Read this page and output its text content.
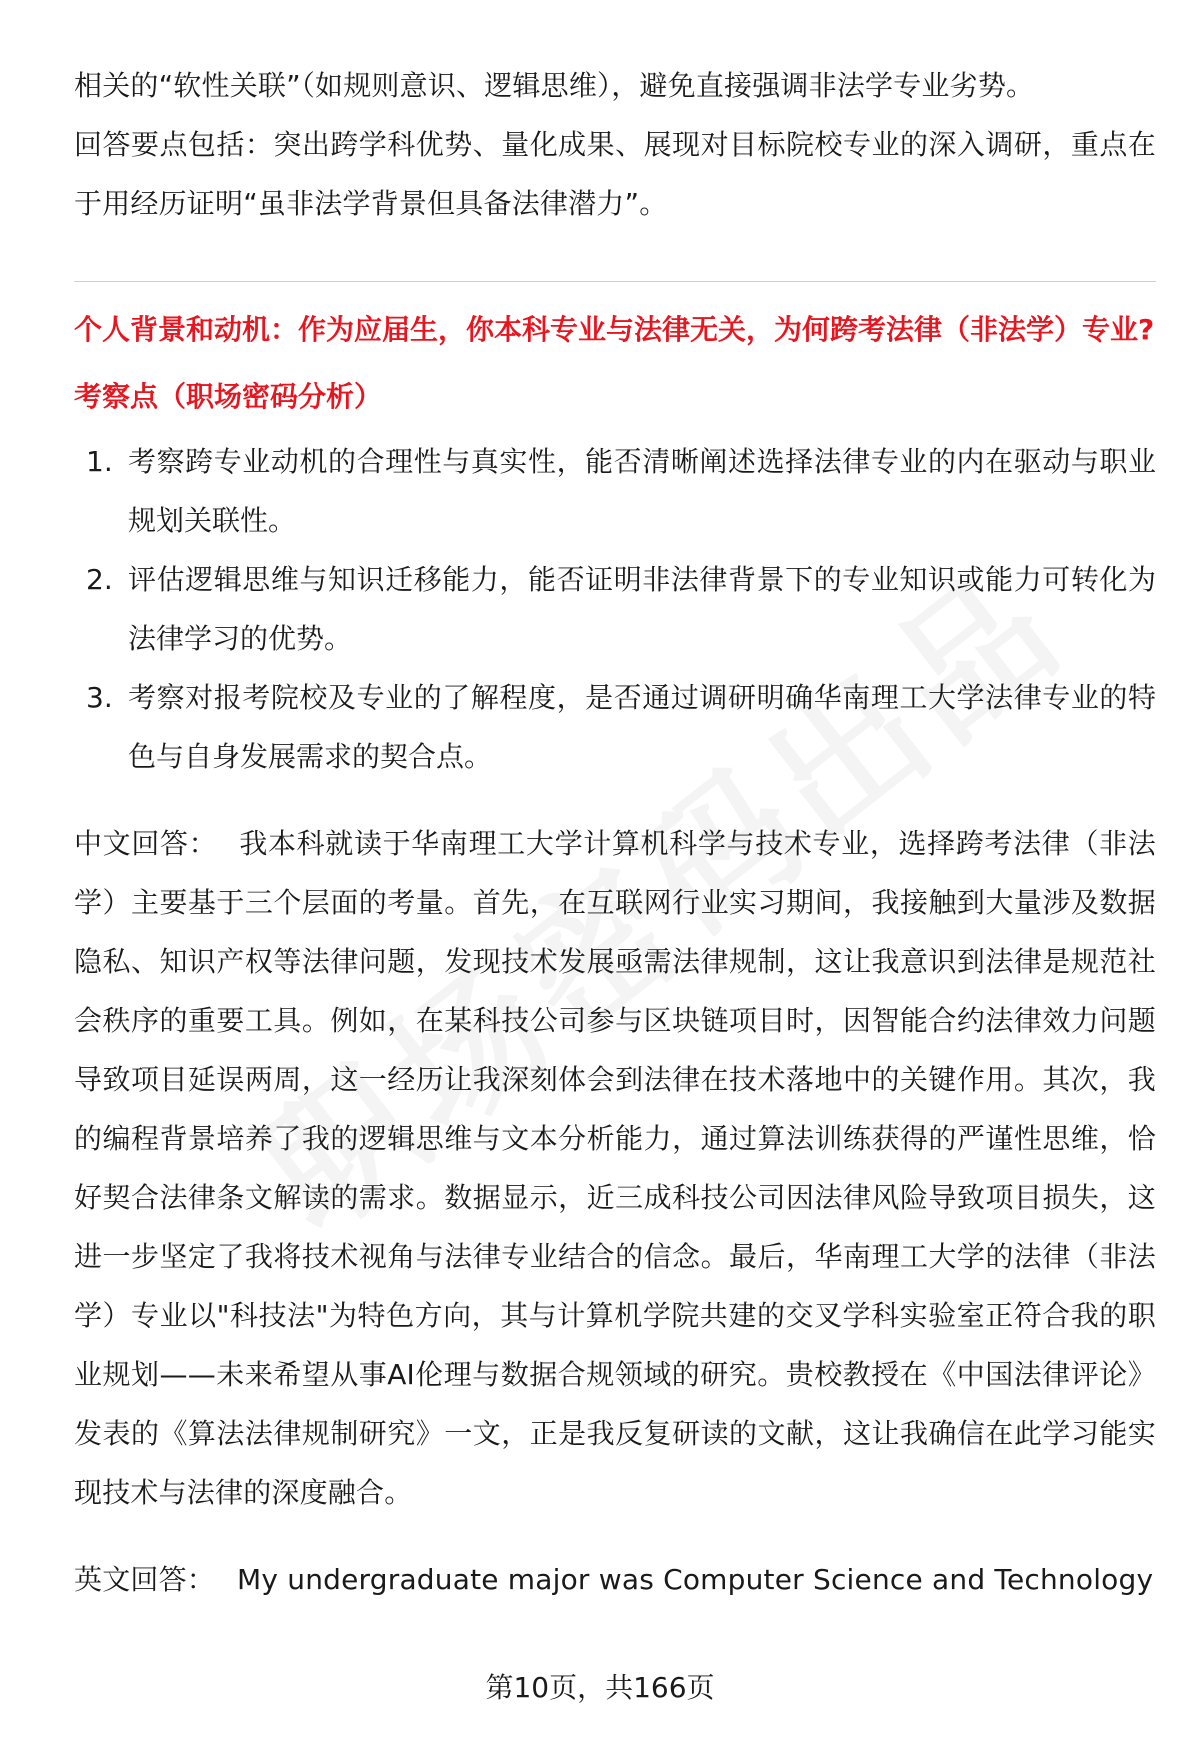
相关的“软性关联”（如规则意识、逻辑思维），避免直接强调非法学专业劣势。
回答要点包括：突出跨学科优势、量化成果、展现对目标院校专业的深入调研，重点在于用经历证明“虽非法学背景但具备法律潜力”。

个人背景和动机：作为应届生，你本科专业与法律无关，为何跨考法律（非法学）专业?

考察点（职场密码分析）

1. 考察跨专业动机的合理性与真实性，能否清晰阐述选择法律专业的内在驱动与职业规划关联性。
2. 评估逻辑思维与知识迁移能力，能否证明非法律背景下的专业知识或能力可转化为法律学习的优势。
3. 考察对报考院校及专业的了解程度，是否通过调研明确华南理工大学法律专业的特色与自身发展需求的契合点。

中文回答： 我本科就读于华南理工大学计算机科学与技术专业，选择跨考法律（非法学）主要基于三个层面的考量。首先，在互联网行业实习期间，我接触到大量涉及数据隐私、知识产权等法律问题，发现技术发展亟需法律规制，这让我意识到法律是规范社会秩序的重要工具。例如，在某科技公司参与区块链项目时，因智能合约法律效力问题导致项目延误两周，这一经历让我深刻体会到法律在技术落地中的关键作用。其次，我的编程背景培养了我的逻辑思维与文本分析能力，通过算法训练获得的严谨性思维，恰好契合法律条文解读的需求。数据显示，近三成科技公司因法律风险导致项目损失，这进一步坚定了我将技术视角与法律专业结合的信念。最后，华南理工大学的法律（非法学）专业以"科技法"为特色方向，其与计算机学院共建的交叉学科实验室正符合我的职业规划——未来希望从事AI伦理与数据合规领域的研究。贵校教授在《中国法律评论》发表的《算法法律规制研究》一文，正是我反复研读的文献，这让我确信在此学习能实现技术与法律的深度融合。

英文回答： My undergraduate major was Computer Science and Technology

第10页，共166页
